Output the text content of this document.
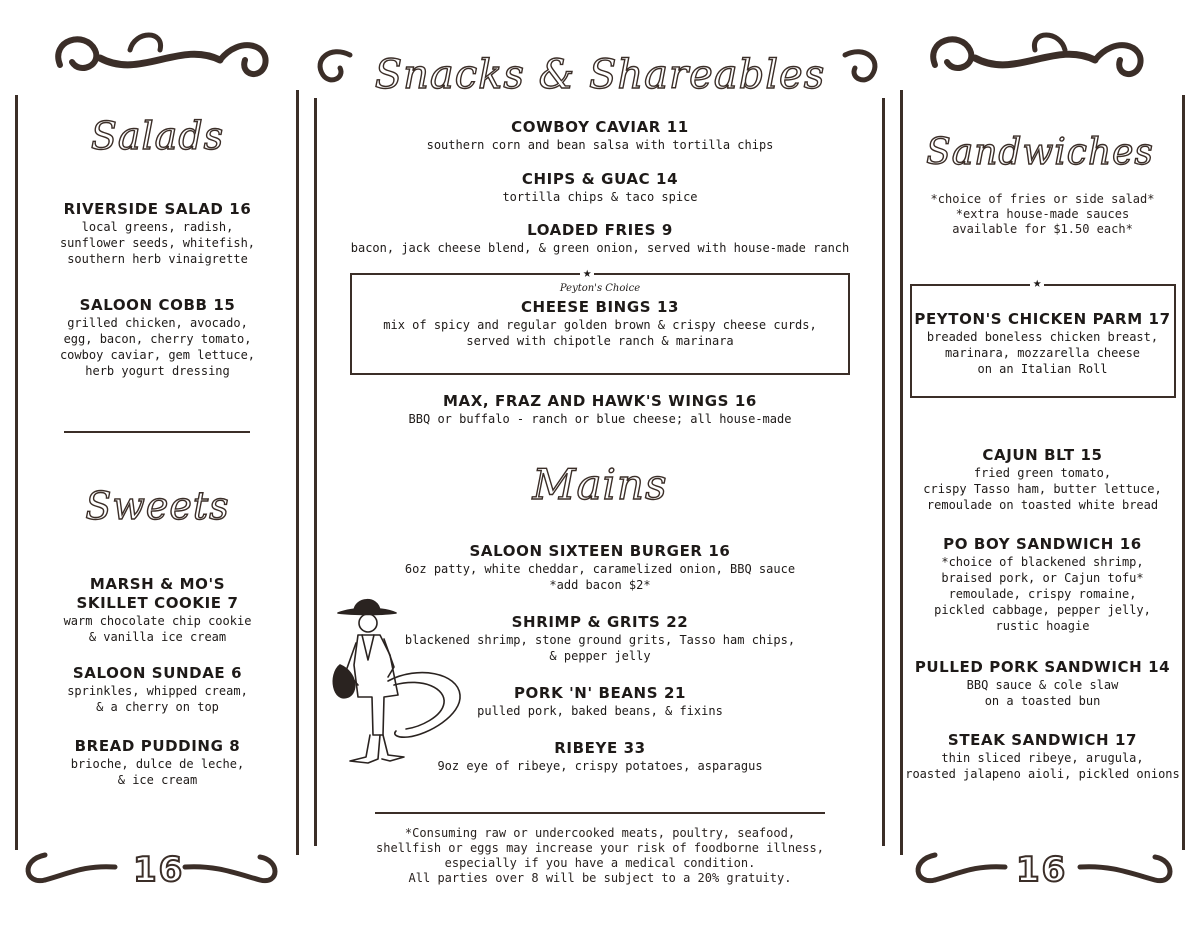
Snacks & Shareables
COWBOY CAVIAR 11
southern corn and bean salsa with tortilla chips
CHIPS & GUAC 14
tortilla chips & taco spice
LOADED FRIES 9
bacon, jack cheese blend, & green onion, served with house-made ranch
★
Peyton's Choice
CHEESE BINGS 13
mix of spicy and regular golden brown & crispy cheese curds,
served with chipotle ranch & marinara
MAX, FRAZ AND HAWK'S WINGS 16
BBQ or buffalo - ranch or blue cheese; all house-made
Mains
SALOON SIXTEEN BURGER 16
6oz patty, white cheddar, caramelized onion, BBQ sauce
*add bacon $2*
SHRIMP & GRITS 22
blackened shrimp, stone ground grits, Tasso ham chips,
& pepper jelly
PORK 'N' BEANS 21
pulled pork, baked beans, & fixins
RIBEYE 33
9oz eye of ribeye, crispy potatoes, asparagus
*Consuming raw or undercooked meats, poultry, seafood,
shellfish or eggs may increase your risk of foodborne illness,
especially if you have a medical condition.
All parties over 8 will be subject to a 20% gratuity.
Salads
RIVERSIDE SALAD 16
local greens, radish,
sunflower seeds, whitefish,
southern herb vinaigrette
SALOON COBB 15
grilled chicken, avocado,
egg, bacon, cherry tomato,
cowboy caviar, gem lettuce,
herb yogurt dressing
Sweets
MARSH & MO'S
SKILLET COOKIE 7
warm chocolate chip cookie
& vanilla ice cream
SALOON SUNDAE 6
sprinkles, whipped cream,
& a cherry on top
BREAD PUDDING 8
brioche, dulce de leche,
& ice cream
16
Sandwiches
*choice of fries or side salad*
*extra house-made sauces
available for $1.50 each*
★
PEYTON'S CHICKEN PARM 17
breaded boneless chicken breast,
marinara, mozzarella cheese
on an Italian Roll
CAJUN BLT 15
fried green tomato,
crispy Tasso ham, butter lettuce,
remoulade on toasted white bread
PO BOY SANDWICH 16
*choice of blackened shrimp,
braised pork, or Cajun tofu*
remoulade, crispy romaine,
pickled cabbage, pepper jelly,
rustic hoagie
PULLED PORK SANDWICH 14
BBQ sauce & cole slaw
on a toasted bun
STEAK SANDWICH 17
thin sliced ribeye, arugula,
roasted jalapeno aioli, pickled onions
16
